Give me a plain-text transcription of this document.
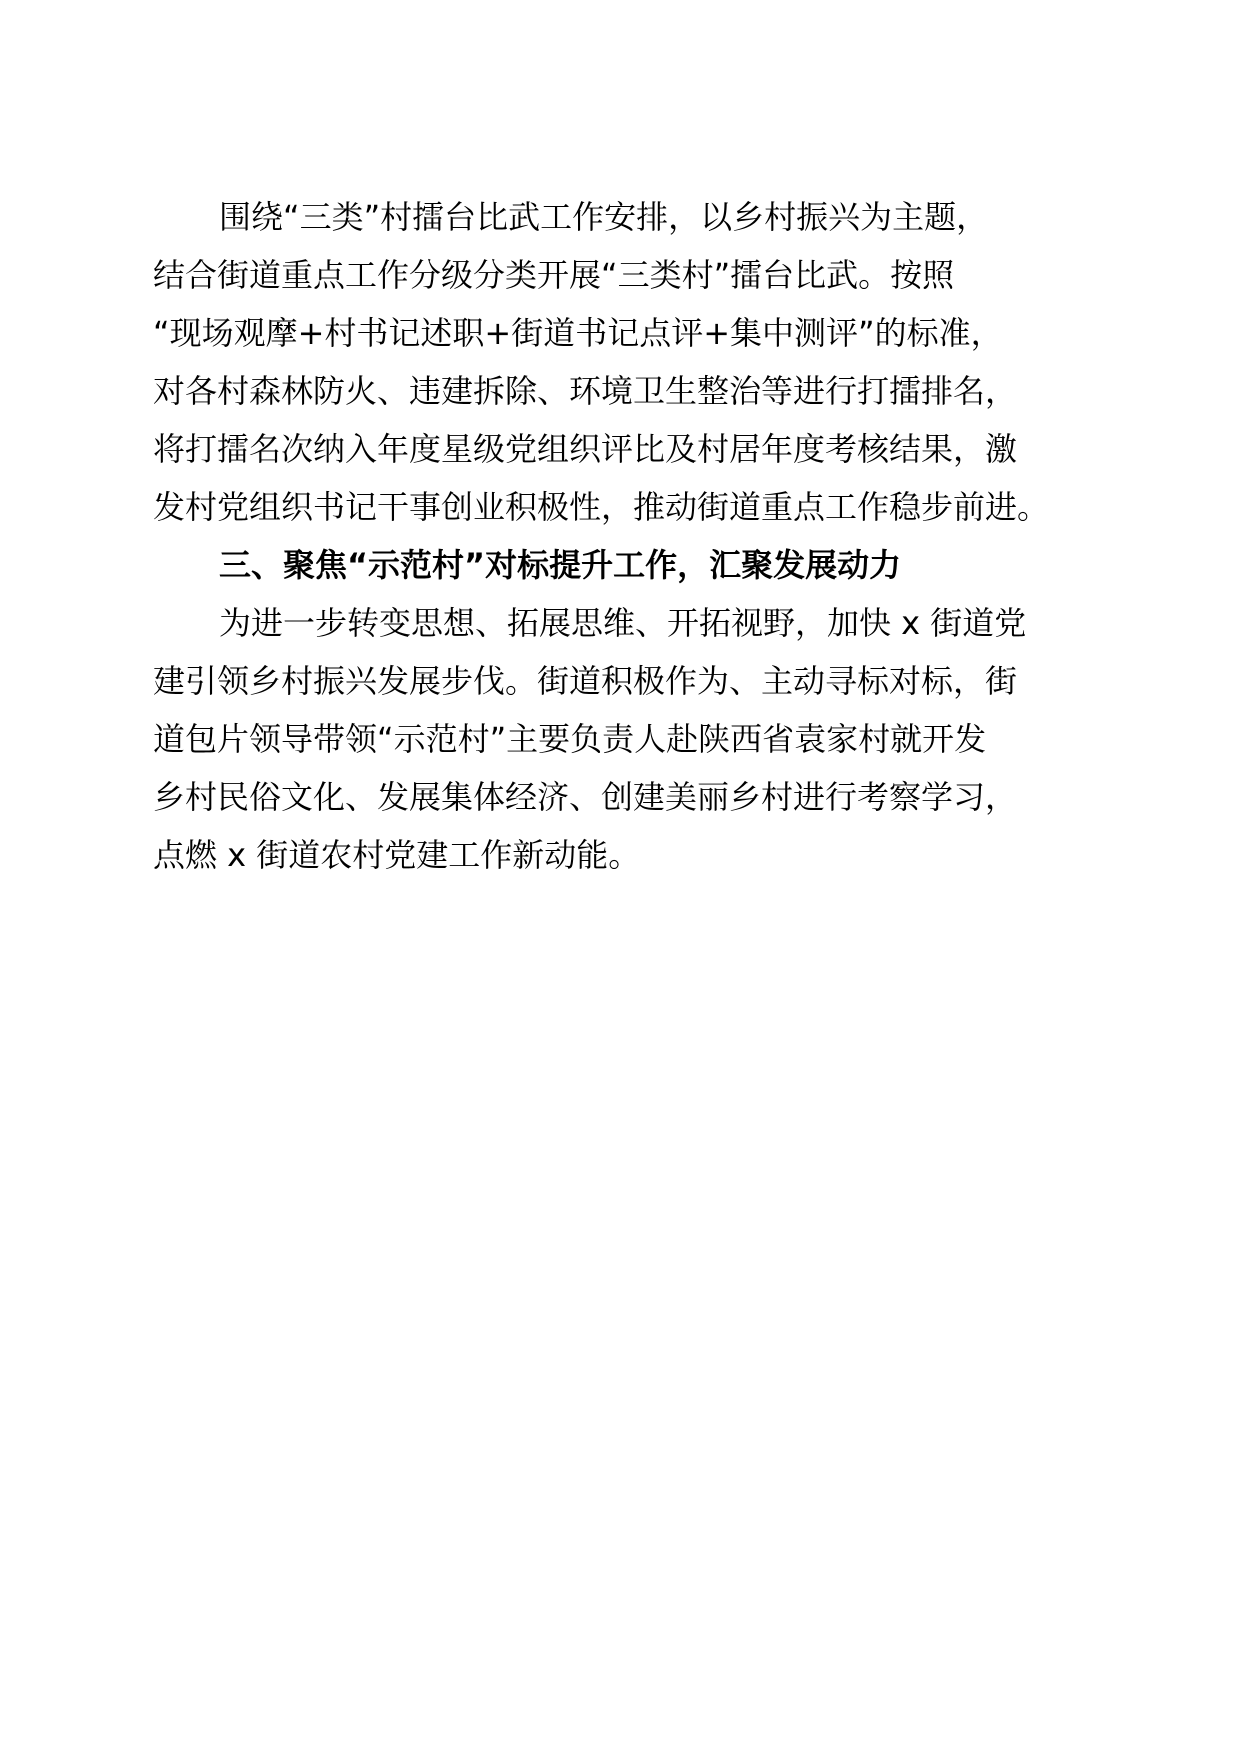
围绕“三类”村擂台比武工作安排，以乡村振兴为主题，
结合街道重点工作分级分类开展“三类村”擂台比武。按照
“现场观摩+村书记述职+街道书记点评+集中测评”的标准，
对各村森林防火、违建拆除、环境卫生整治等进行打擂排名，
将打擂名次纳入年度星级党组织评比及村居年度考核结果，激
发村党组织书记干事创业积极性，推动街道重点工作稳步前进。
三、聚焦“示范村”对标提升工作，汇聚发展动力
为进一步转变思想、拓展思维、开拓视野，加快 x 街道党
建引领乡村振兴发展步伐。街道积极作为、主动寻标对标，街
道包片领导带领“示范村”主要负责人赴陕西省袁家村就开发
乡村民俗文化、发展集体经济、创建美丽乡村进行考察学习，
点燃 x 街道农村党建工作新动能。
